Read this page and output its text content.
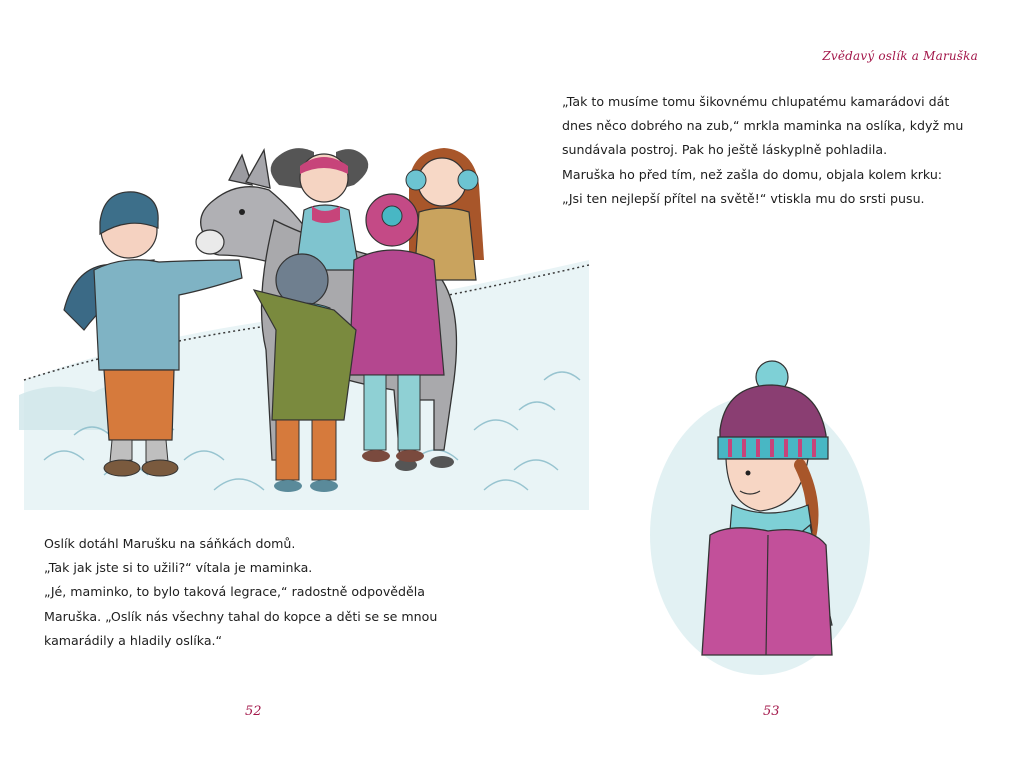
Oslík dotáhl Marušku na sáňkách domů.

„Tak jak jste si to užili?“ vítala je maminka.

„Jé, maminko, to bylo taková legrace,“ radostně odpověděla

Maruška. „Oslík nás všechny tahal do kopce a děti se se mnou

kamarádily a hladily oslíka.“

52
Zvědavý oslík a Maruška

„Tak to musíme tomu šikovnému chlupatému kamarádovi dát

dnes něco dobrého na zub,“ mrkla maminka na oslíka, když mu

sundávala postroj. Pak ho ještě láskyplně pohladila.

Maruška ho před tím, než zašla do domu, objala kolem krku:

„Jsi ten nejlepší přítel na světě!“ vtiskla mu do srsti pusu.

53
